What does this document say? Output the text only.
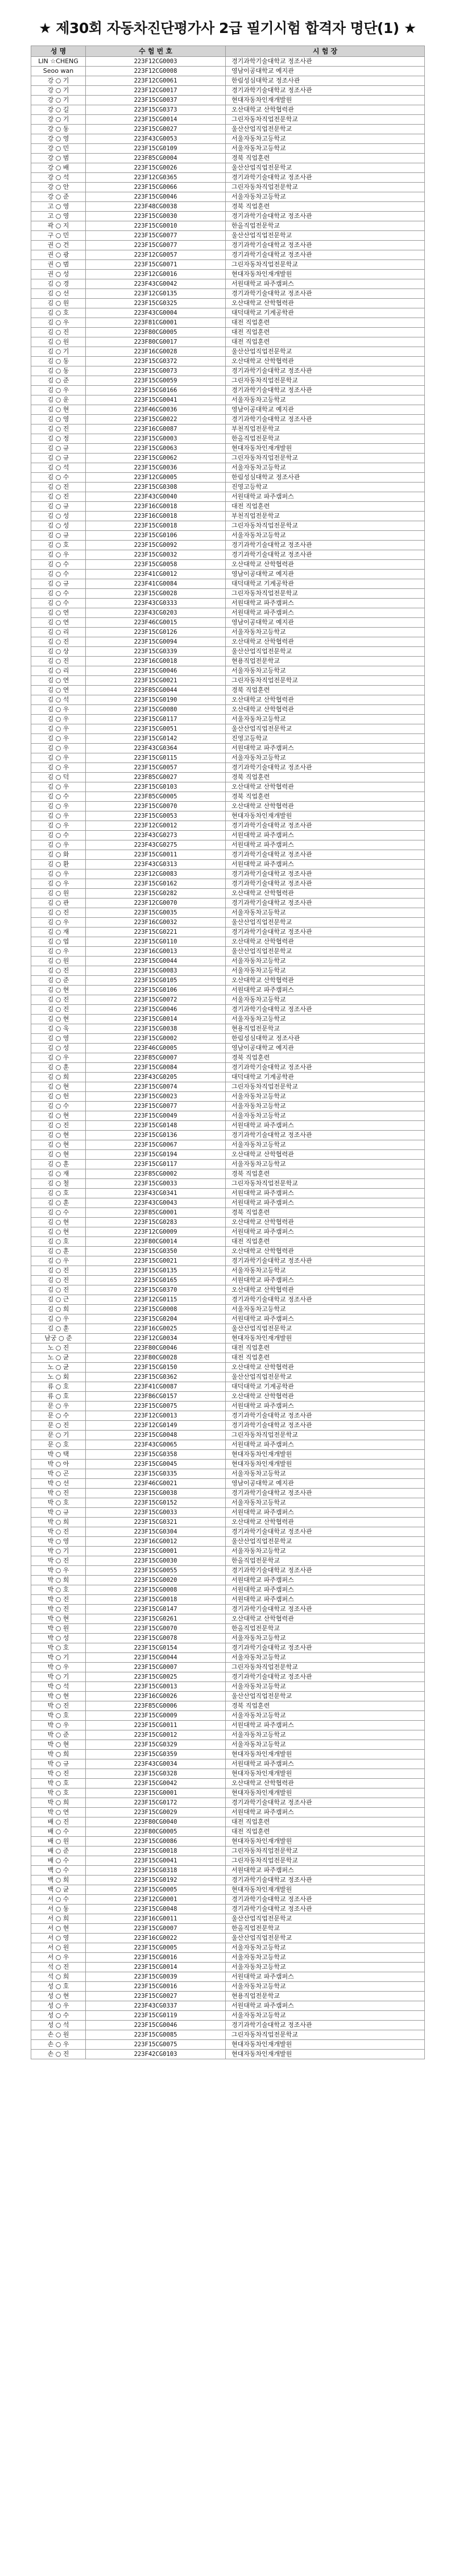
★ 제30회 자동차진단평가사 2급 필기시험 합격자 명단(1) ★
성 명	수 험 번 호	시 험 장
LIN ☆CHENG	223F12CG0003	경기과학기술대학교 정조사관
Seoo wan	223F12CG0008	영남이공대학교 예지관
강 ○ 기	223F12CG0061	한림성심대학교 정조사관
강 ○ 기	223F12CG0017	경기과학기술대학교 정조사관
강 ○ 기	223F15CG0037	현대자동차인재개발원
강 ○ 길	223F15CG0373	오산대학교 산학협력관
강 ○ 기	223F15CG0014	그린자동차직업전문학교
강 ○ 동	223F15CG0027	울산산업직업전문학교
강 ○ 영	223F43CG0053	서울자동차고등학교
강 ○ 민	223F15CG0109	서울자동차고등학교
강 ○ 범	223F85CG0004	경북 직업훈련
강 ○ 배	223F15CG0026	울산산업직업전문학교
강 ○ 석	223F12CG0365	경기과학기술대학교 정조사관
강 ○ 안	223F15CG0066	그린자동차직업전문학교
강 ○ 준	223F15CG0046	서울자동차고등학교
고 ○ 영	223F48CG0038	경북 직업훈련
고 ○ 영	223F15CG0030	경기과학기술대학교 정조사관
곽 ○ 지	223F15CG0010	한올직업전문학교
구 ○ 민	223F15CG0077	울산산업직업전문학교
권 ○ 건	223F15CG0077	경기과학기술대학교 정조사관
권 ○ 광	223F12CG0057	경기과학기술대학교 정조사관
권 ○ 범	223F15CG0071	그린자동차직업전문학교
권 ○ 성	223F12CG0016	현대자동차인재개발원
김 ○ 경	223F43CG0042	서원대학교 파주캠퍼스
김 ○ 선	223F12CG0135	경기과학기술대학교 정조사관
김 ○ 원	223F15CG0325	오산대학교 산학협력관
김 ○ 호	223F43CG0004	대덕대학교 기계공학관
김 ○ 우	223F81CG0001	대전 직업훈련
김 ○ 진	223F80CG0005	대전 직업훈련
김 ○ 원	223F80CG0017	대전 직업훈련
김 ○ 기	223F16CG0028	울산산업직업전문학교
김 ○ 동	223F15CG0372	오산대학교 산학협력관
김 ○ 동	223F15CG0073	경기과학기술대학교 정조사관
김 ○ 준	223F15CG0059	그린자동차직업전문학교
김 ○ 우	223F15CG0166	경기과학기술대학교 정조사관
김 ○ 운	223F15CG0041	서울자동차고등학교
김 ○ 현	223F46CG0036	영남이공대학교 예지관
김 ○ 영	223F15CG0022	경기과학기술대학교 정조사관
김 ○ 진	223F16CG0087	부천직업전문학교
김 ○ 정	223F15CG0003	한올직업전문학교
김 ○ 규	223F15CG0063	현대자동차인재개발원
김 ○ 규	223F15CG0062	그린자동차직업전문학교
김 ○ 석	223F15CG0036	서울자동차고등학교
김 ○ 수	223F12CG0005	한림성심대학교 정조사관
김 ○ 진	223F15CG0308	진영고등학교
김 ○ 진	223F43CG0040	서원대학교 파주캠퍼스
김 ○ 규	223F16CG0018	대전 직업훈련
김 ○ 성	223F16CG0018	부천직업전문학교
김 ○ 성	223F15CG0018	그린자동차직업전문학교
김 ○ 규	223F15CG0106	서울자동차고등학교
김 ○ 호	223F15CG0092	경기과학기술대학교 정조사관
김 ○ 우	223F15CG0032	경기과학기술대학교 정조사관
김 ○ 수	223F15CG0058	오산대학교 산학협력관
김 ○ 수	223F41CG0012	영남이공대학교 예지관
김 ○ 규	223F41CG0084	대덕대학교 기계공학관
김 ○ 수	223F15CG0028	그린자동차직업전문학교
김 ○ 수	223F43CG0333	서원대학교 파주캠퍼스
김 ○ 연	223F43CG0203	서원대학교 파주캠퍼스
김 ○ 연	223F46CG0015	영남이공대학교 예지관
김 ○ 리	223F15CG0126	서울자동차고등학교
김 ○ 진	223F15CG0094	오산대학교 산학협력관
김 ○ 상	223F15CG0339	울산산업직업전문학교
김 ○ 진	223F16CG0018	현용직업전문학교
김 ○ 리	223F15CG0046	서울자동차고등학교
김 ○ 연	223F15CG0021	그린자동차직업전문학교
김 ○ 연	223F85CG0044	경북 직업훈련
김 ○ 석	223F15CG0190	오산대학교 산학협력관
김 ○ 우	223F15CG0080	오산대학교 산학협력관
김 ○ 우	223F15CG0117	서울자동차고등학교
김 ○ 우	223F15CG0051	울산산업직업전문학교
김 ○ 우	223F15CG0142	진영고등학교
김 ○ 우	223F43CG0364	서원대학교 파주캠퍼스
김 ○ 우	223F15CG0115	서울자동차고등학교
김 ○ 우	223F15CG0057	경기과학기술대학교 정조사관
김 ○ 덕	223F85CG0027	경북 직업훈련
김 ○ 우	223F15CG0103	오산대학교 산학협력관
김 ○ 수	223F85CG0005	경북 직업훈련
김 ○ 우	223F15CG0070	오산대학교 산학협력관
김 ○ 우	223F15CG0053	현대자동차인재개발원
김 ○ 우	223F12CG0012	경기과학기술대학교 정조사관
김 ○ 수	223F43CG0273	서원대학교 파주캠퍼스
김 ○ 우	223F43CG0275	서원대학교 파주캠퍼스
김 ○ 화	223F15CG0011	경기과학기술대학교 정조사관
김 ○ 환	223F43CG0313	서원대학교 파주캠퍼스
김 ○ 우	223F12CG0083	경기과학기술대학교 정조사관
김 ○ 우	223F15CG0162	경기과학기술대학교 정조사관
김 ○ 원	223F15CG0282	오산대학교 산학협력관
김 ○ 관	223F12CG0070	경기과학기술대학교 정조사관
김 ○ 진	223F15CG0035	서울자동차고등학교
김 ○ 우	223F16CG0032	울산산업직업전문학교
김 ○ 재	223F15CG0221	경기과학기술대학교 정조사관
김 ○ 엽	223F15CG0110	오산대학교 산학협력관
김 ○ 우	223F16CG0013	울산산업직업전문학교
김 ○ 원	223F15CG0044	서울자동차고등학교
김 ○ 진	223F15CG0083	서울자동차고등학교
김 ○ 준	223F15CG0105	오산대학교 산학협력관
김 ○ 현	223F15CG0106	서원대학교 파주캠퍼스
김 ○ 진	223F15CG0072	서울자동차고등학교
김 ○ 진	223F15CG0046	경기과학기술대학교 정조사관
김 ○ 현	223F15CG0014	서울자동차고등학교
김 ○ 욱	223F15CG0038	현용직업전문학교
김 ○ 영	223F15CG0002	한림성심대학교 정조사관
김 ○ 성	223F46CG0005	영남이공대학교 예지관
김 ○ 우	223F85CG0007	경북 직업훈련
김 ○ 훈	223F15CG0084	경기과학기술대학교 정조사관
김 ○ 희	223F43CG0205	대덕대학교 기계공학관
김 ○ 현	223F15CG0074	그린자동차직업전문학교
김 ○ 헌	223F15CG0023	서울자동차고등학교
김 ○ 수	223F15CG0077	서울자동차고등학교
김 ○ 현	223F15CG0049	서울자동차고등학교
김 ○ 진	223F15CG0148	서원대학교 파주캠퍼스
김 ○ 현	223F15CG0136	경기과학기술대학교 정조사관
김 ○ 현	223F15CG0067	서울자동차고등학교
김 ○ 현	223F15CG0194	오산대학교 산학협력관
김 ○ 훈	223F15CG0117	서울자동차고등학교
김 ○ 재	223F85CG0002	경북 직업훈련
김 ○ 철	223F15CG0033	그린자동차직업전문학교
김 ○ 호	223F43CG0341	서원대학교 파주캠퍼스
김 ○ 훈	223F43CG0043	서원대학교 파주캠퍼스
김 ○ 수	223F85CG0001	경북 직업훈련
김 ○ 현	223F15CG0283	오산대학교 산학협력관
김 ○ 현	223F12CG0009	서원대학교 파주캠퍼스
김 ○ 호	223F80CG0014	대전 직업훈련
김 ○ 훈	223F15CG0350	오산대학교 산학협력관
김 ○ 우	223F15CG0021	경기과학기술대학교 정조사관
김 ○ 진	223F15CG0135	서울자동차고등학교
김 ○ 진	223F15CG0165	서원대학교 파주캠퍼스
김 ○ 진	223F15CG0370	오산대학교 산학협력관
김 ○ 근	223F12CG0115	경기과학기술대학교 정조사관
김 ○ 희	223F15CG0008	서울자동차고등학교
김 ○ 우	223F15CG0204	서원대학교 파주캠퍼스
김 ○ 훈	223F16CG0025	울산산업직업전문학교
남궁 ○ 준	223F12CG0034	현대자동차인재개발원
노 ○ 진	223F80CG0046	대전 직업훈련
노 ○ 균	223F80CG0028	대전 직업훈련
노 ○ 균	223F15CG0150	오산대학교 산학협력관
노 ○ 회	223F15CG0362	울산산업직업전문학교
류 ○ 호	223F41CG0087	대덕대학교 기계공학관
류 ○ 호	223F86CG0157	오산대학교 산학협력관
문 ○ 우	223F15CG0075	서원대학교 파주캠퍼스
문 ○ 수	223F12CG0013	경기과학기술대학교 정조사관
문 ○ 진	223F12CG0149	경기과학기술대학교 정조사관
문 ○ 기	223F15CG0048	그린자동차직업전문학교
문 ○ 호	223F43CG0065	서원대학교 파주캠퍼스
박 ○ 택	223F15CG0358	현대자동차인재개발원
박 ○ 아	223F15CG0045	현대자동차인재개발원
박 ○ 곤	223F15CG0335	서울자동차고등학교
박 ○ 선	223F46CG0021	영남이공대학교 예지관
박 ○ 진	223F15CG0038	경기과학기술대학교 정조사관
박 ○ 호	223F15CG0152	서울자동차고등학교
박 ○ 규	223F15CG0033	서원대학교 파주캠퍼스
박 ○ 희	223F15CG0321	오산대학교 산학협력관
박 ○ 진	223F15CG0304	경기과학기술대학교 정조사관
박 ○ 영	223F16CG0012	울산산업직업전문학교
박 ○ 기	223F15CG0001	서울자동차고등학교
박 ○ 진	223F15CG0030	한올직업전문학교
박 ○ 우	223F15CG0055	경기과학기술대학교 정조사관
박 ○ 희	223F15CG0020	서원대학교 파주캠퍼스
박 ○ 호	223F15CG0008	서원대학교 파주캠퍼스
박 ○ 진	223F15CG0018	서원대학교 파주캠퍼스
박 ○ 진	223F15CG0147	경기과학기술대학교 정조사관
박 ○ 현	223F15CG0261	오산대학교 산학협력관
박 ○ 원	223F15CG0070	한올직업전문학교
박 ○ 성	223F15CG0078	서울자동차고등학교
박 ○ 호	223F15CG0154	경기과학기술대학교 정조사관
박 ○ 기	223F15CG0044	서울자동차고등학교
박 ○ 우	223F15CG0007	그린자동차직업전문학교
박 ○ 기	223F15CG0025	경기과학기술대학교 정조사관
박 ○ 석	223F15CG0013	서울자동차고등학교
박 ○ 현	223F16CG0026	울산산업직업전문학교
박 ○ 진	223F85CG0006	경북 직업훈련
박 ○ 호	223F15CG0009	서울자동차고등학교
박 ○ 우	223F15CG0011	서원대학교 파주캠퍼스
박 ○ 준	223F15CG0012	서울자동차고등학교
박 ○ 현	223F15CG0329	서울자동차고등학교
박 ○ 희	223F15CG0359	현대자동차인재개발원
박 ○ 규	223F43CG0034	서원대학교 파주캠퍼스
박 ○ 진	223F15CG0328	현대자동차인재개발원
박 ○ 호	223F15CG0042	오산대학교 산학협력관
박 ○ 호	223F15CG0001	현대자동차인재개발원
박 ○ 희	223F15CG0172	경기과학기술대학교 정조사관
박 ○ 연	223F15CG0029	서원대학교 파주캠퍼스
배 ○ 진	223F80CG0040	대전 직업훈련
배 ○ 수	223F80CG0005	대전 직업훈련
배 ○ 원	223F15CG0086	현대자동차인재개발원
배 ○ 준	223F15CG0018	그린자동차직업전문학교
배 ○ 수	223F15CG0041	그린자동차직업전문학교
백 ○ 수	223F15CG0318	서원대학교 파주캠퍼스
백 ○ 희	223F15CG0192	경기과학기술대학교 정조사관
백 ○ 균	223F15CG0005	현대자동차인재개발원
서 ○ 수	223F12CG0001	경기과학기술대학교 정조사관
서 ○ 동	223F15CG0048	경기과학기술대학교 정조사관
서 ○ 희	223F16CG0011	울산산업직업전문학교
서 ○ 현	223F15CG0007	한올직업전문학교
서 ○ 영	223F16CG0022	울산산업직업전문학교
서 ○ 원	223F15CG0005	서울자동차고등학교
서 ○ 우	223F15CG0016	서울자동차고등학교
석 ○ 진	223F15CG0014	서울자동차고등학교
석 ○ 희	223F15CG0039	서원대학교 파주캠퍼스
성 ○ 호	223F15CG0016	서울자동차고등학교
성 ○ 현	223F15CG0027	현용직업전문학교
성 ○ 우	223F43CG0337	서원대학교 파주캠퍼스
성 ○ 수	223F15CG0119	서울자동차고등학교
성 ○ 석	223F15CG0046	경기과학기술대학교 정조사관
손 ○ 원	223F15CG0085	그린자동차직업전문학교
손 ○ 우	223F15CG0075	현대자동차인재개발원
손 ○ 진	223F42CG0103	현대자동차인재개발원
